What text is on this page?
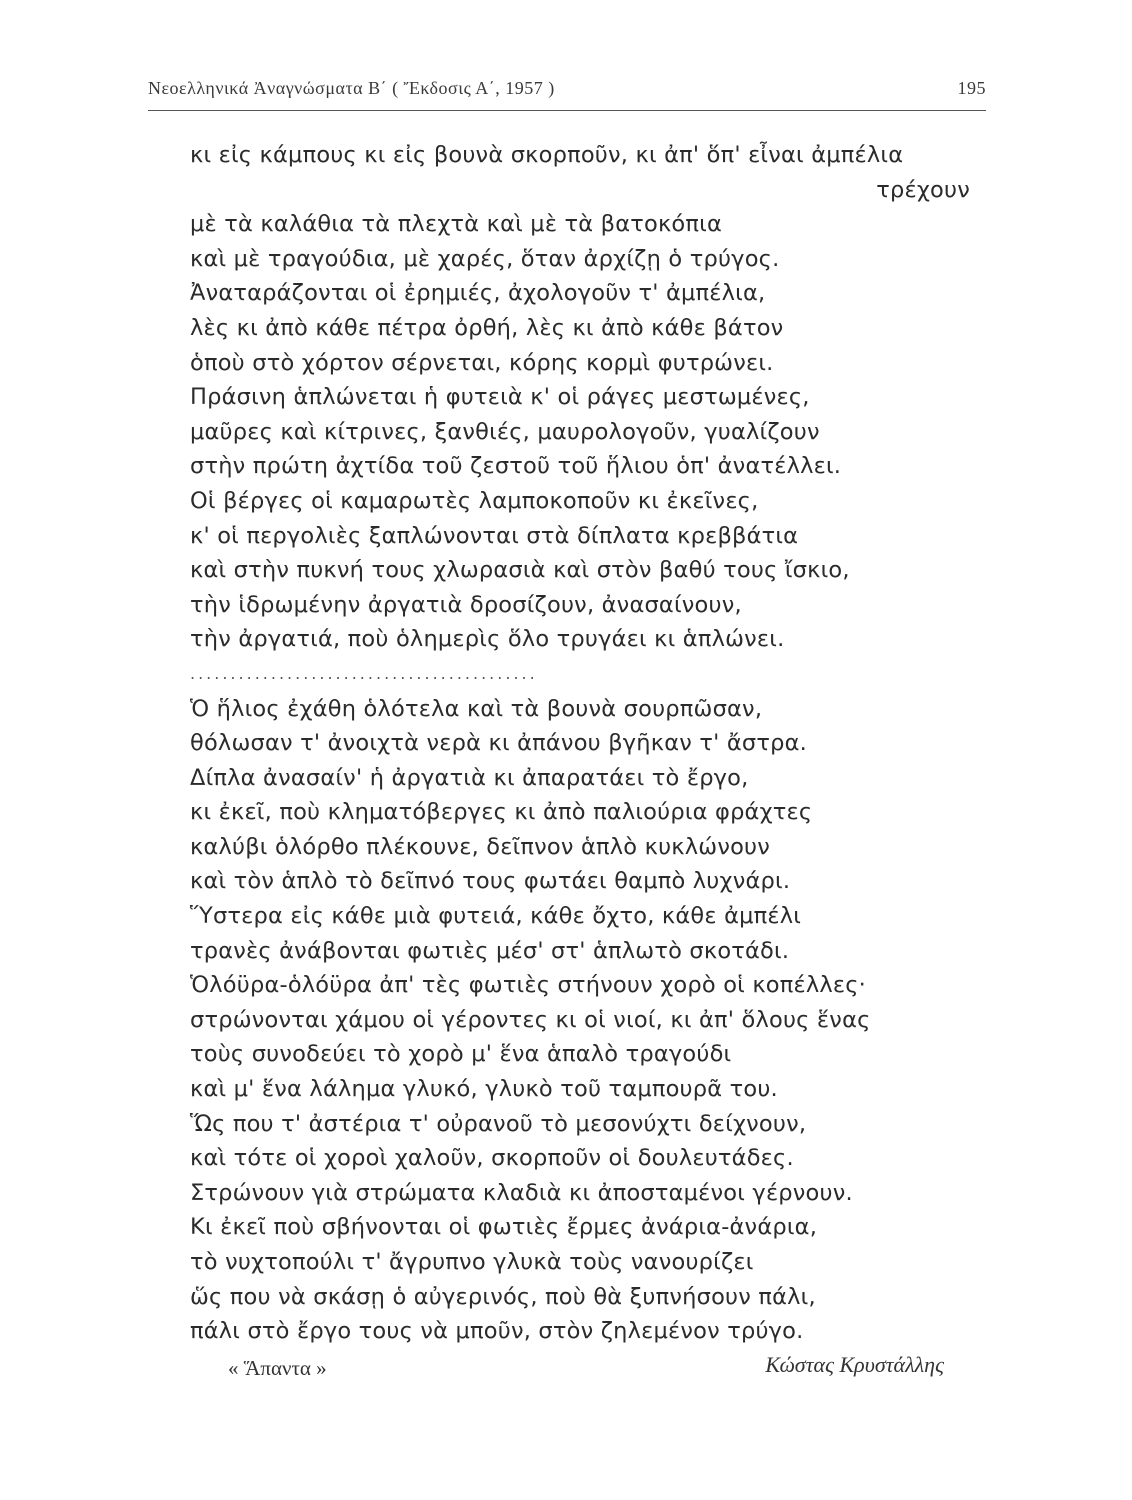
Νεοελληνικά Ἀναγνώσματα Β΄ ( Ἔκδοσις Α΄, 1957 )	195
κι εἰς κάμπους κι εἰς βουνὰ σκορποῦν, κι ἀπ' ὅπ' εἶναι ἀμπέλια
τρέχουν
μὲ τὰ καλάθια τὰ πλεχτὰ καὶ μὲ τὰ βατοκόπια
καὶ μὲ τραγούδια, μὲ χαρές, ὅταν ἀρχίζῃ ὁ τρύγος.
Ἀναταράζονται οἱ ἐρημιές, ἀχολογοῦν τ' ἀμπέλια,
λὲς κι ἀπὸ κάθε πέτρα ὀρθή, λὲς κι ἀπὸ κάθε βάτον
ὁποὺ στὸ χόρτον σέρνεται, κόρης κορμὶ φυτρώνει.
Πράσινη ἁπλώνεται ἡ φυτειὰ κ' οἱ ράγες μεστωμένες,
μαῦρες καὶ κίτρινες, ξανθιές, μαυρολογοῦν, γυαλίζουν
στὴν πρώτη ἀχτίδα τοῦ ζεστοῦ τοῦ ἥλιου ὁπ' ἀνατέλλει.
Οἱ βέργες οἱ καμαρωτὲς λαμποκοποῦν κι ἐκεῖνες,
κ' οἱ περγολιὲς ξαπλώνονται στὰ δίπλατα κρεββάτια
καὶ στὴν πυκνή τους χλωρασιὰ καὶ στὸν βαθύ τους ἴσκιο,
τὴν ἱδρωμένην ἀργατιὰ δροσίζουν, ἀνασαίνουν,
τὴν ἀργατιά, ποὺ ὁλημερὶς ὅλο τρυγάει κι ἁπλώνει.
...........................................
Ὁ ἥλιος ἐχάθη ὁλότελα καὶ τὰ βουνὰ σουρπῶσαν,
θόλωσαν τ' ἀνοιχτὰ νερὰ κι ἀπάνου βγῆκαν τ' ἄστρα.
Δίπλα ἀνασαίν' ἡ ἀργατιὰ κι ἀπαρατάει τὸ ἔργο,
κι ἐκεῖ, ποὺ κληματόβεργες κι ἀπὸ παλιούρια φράχτες
καλύβι ὁλόρθο πλέκουνε, δεῖπνον ἁπλὸ κυκλώνουν
καὶ τὸν ἁπλὸ τὸ δεῖπνό τους φωτάει θαμπὸ λυχνάρι.
Ὕστερα εἰς κάθε μιὰ φυτειά, κάθε ὄχτο, κάθε ἀμπέλι
τρανὲς ἀνάβονται φωτιὲς μέσ' στ' ἁπλωτὸ σκοτάδι.
Ὁλόϋρα-ὁλόϋρα ἀπ' τὲς φωτιὲς στήνουν χορὸ οἱ κοπέλλες·
στρώνονται χάμου οἱ γέροντες κι οἱ νιοί, κι ἀπ' ὅλους ἕνας
τοὺς συνοδεύει τὸ χορὸ μ' ἕνα ἁπαλὸ τραγούδι
καὶ μ' ἕνα λάλημα γλυκό, γλυκὸ τοῦ ταμπουρᾶ του.
Ὥς που τ' ἀστέρια τ' οὐρανοῦ τὸ μεσονύχτι δείχνουν,
καὶ τότε οἱ χοροὶ χαλοῦν, σκορποῦν οἱ δουλευτάδες.
Στρώνουν γιὰ στρώματα κλαδιὰ κι ἀποσταμένοι γέρνουν.
Κι ἐκεῖ ποὺ σβήνονται οἱ φωτιὲς ἔρμες ἀνάρια-ἀνάρια,
τὸ νυχτοπούλι τ' ἄγρυπνο γλυκὰ τοὺς νανουρίζει
ὥς που νὰ σκάσῃ ὁ αὐγερινός, ποὺ θὰ ξυπνήσουν πάλι,
πάλι στὸ ἔργο τους νὰ μποῦν, στὸν ζηλεμένον τρύγο.
« Ἅπαντα »	Κώστας Κρυστάλλης
